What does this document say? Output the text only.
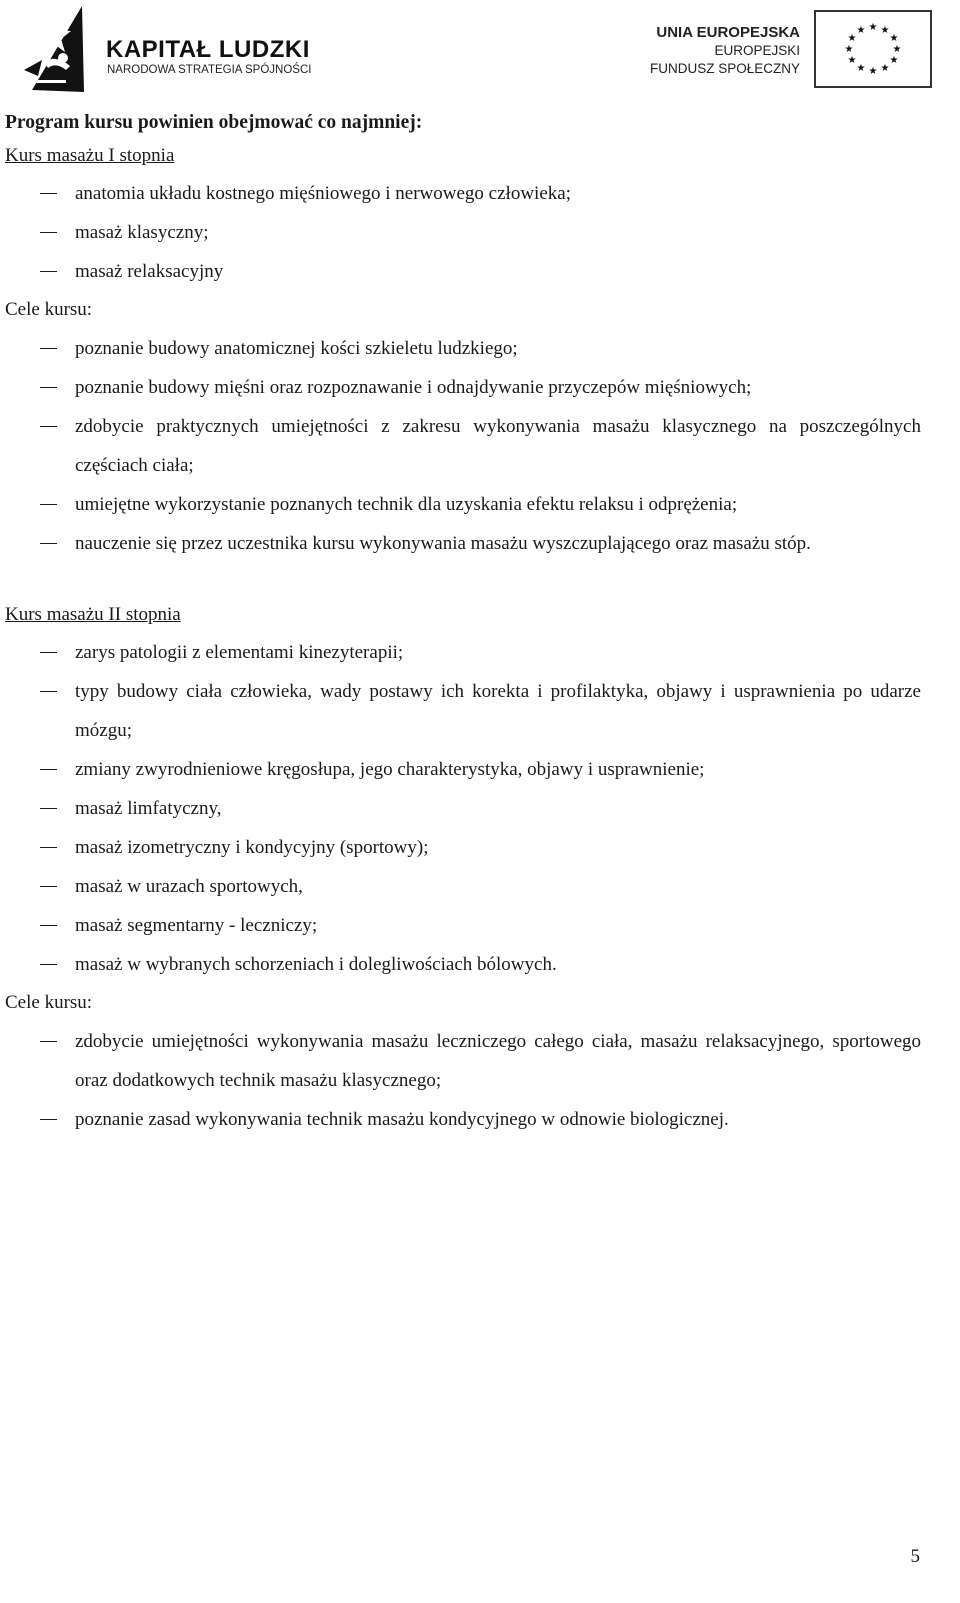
KAPITAŁ LUDZKI
NARODOWA STRATEGIA SPÓJNOŚCI
UNIA EUROPEJSKA
EUROPEJSKI
FUNDUSZ SPOŁECZNY
★ ★
★
★
★
★
★
★
★
★
★
★
Program kursu powinien obejmować co najmniej:
Kurs masażu I stopnia
anatomia układu kostnego mięśniowego i nerwowego człowieka;
masaż klasyczny;
masaż relaksacyjny
Cele kursu:
poznanie budowy anatomicznej kości szkieletu ludzkiego;
poznanie budowy mięśni oraz rozpoznawanie i odnajdywanie przyczepów mięśniowych;
zdobycie praktycznych umiejętności z zakresu wykonywania masażu klasycznego na poszczególnych częściach ciała;
umiejętne wykorzystanie poznanych technik dla uzyskania efektu relaksu i odprężenia;
nauczenie się przez uczestnika kursu wykonywania masażu wyszczuplającego oraz masażu stóp.
Kurs masażu II stopnia
zarys patologii z elementami kinezyterapii;
typy budowy ciała człowieka, wady postawy ich korekta i profilaktyka, objawy i usprawnienia po udarze mózgu;
zmiany zwyrodnieniowe kręgosłupa, jego charakterystyka, objawy i usprawnienie;
masaż limfatyczny,
masaż izometryczny i kondycyjny (sportowy);
masaż w urazach sportowych,
masaż segmentarny - leczniczy;
masaż w wybranych schorzeniach i dolegliwościach bólowych.
Cele kursu:
zdobycie umiejętności wykonywania masażu leczniczego całego ciała, masażu relaksacyjnego, sportowego oraz dodatkowych technik masażu klasycznego;
poznanie zasad wykonywania technik masażu kondycyjnego w odnowie biologicznej.
5
